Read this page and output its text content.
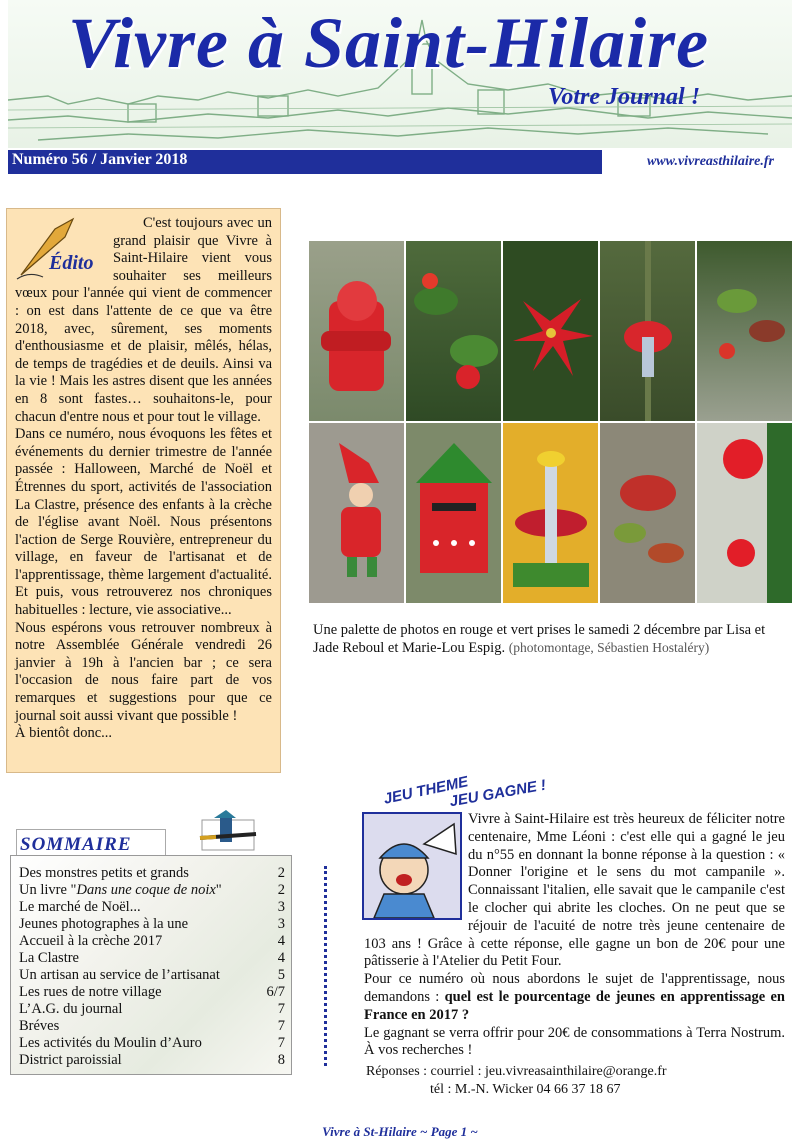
Vivre à Saint-Hilaire
Votre Journal !
Numéro 56 / Janvier 2018	www.vivreasthilaire.fr
Édito

C'est toujours avec un grand plaisir que Vivre à Saint-Hilaire vient vous souhaiter ses meilleurs vœux pour l'année qui vient de commencer : on est dans l'attente de ce que va être 2018, avec, sûrement, ses moments d'enthousiasme et de plaisir, mêlés, hélas, de temps de tragédies et de deuils. Ainsi va la vie ! Mais les astres disent que les années en 8 sont fastes… souhaitons-le, pour chacun d'entre nous et pour tout le village.

Dans ce numéro, nous évoquons les fêtes et événements du dernier trimestre de l'année passée : Halloween, Marché de Noël et Étrennes du sport, activités de l'association La Clastre, présence des enfants à la crèche de l'église avant Noël. Nous présentons l'action de Serge Rouvière, entrepreneur du village, en faveur de l'artisanat et de l'apprentissage, thème largement d'actualité. Et puis, vous retrouverez nos chroniques habituelles : lecture, vie associative...

Nous espérons vous retrouver nombreux à notre Assemblée Générale vendredi 26 janvier à 19h à l'ancien bar ; ce sera l'occasion de nous faire part de vos remarques et suggestions pour que ce journal soit aussi vivant que possible !

À bientôt donc...

Une palette de photos en rouge et vert prises le samedi 2 décembre par Lisa et Jade Reboul et Marie-Lou Espig. (photomontage, Sébastien Hostaléry)
SOMMAIRE
Des monstres petits et grands	2
Un livre "Dans une coque de noix"	2
Le marché de Noël...	3
Jeunes photographes à la une	3
Accueil à la crèche 2017	4
La Clastre	4
Un artisan au service de l’artisanat	5
Les rues de notre village	6/7
L’A.G. du journal	7
Bréves	7
Les activités du Moulin d’Auro	7
District paroissial	8
JEU THEME
JEU GAGNE !

Vivre à Saint-Hilaire est très heureux de féliciter notre centenaire, Mme Léoni : c'est elle qui a gagné le jeu du n°55 en donnant la bonne réponse à la question : « Donner l'origine et le sens du mot campanile ». Connaissant l'italien, elle savait que le campanile c'est le clocher qui abrite les cloches. On ne peut que se réjouir de l'acuité de notre très jeune centenaire de 103 ans ! Grâce à cette réponse, elle gagne un bon de 20€ pour une pâtisserie à l'Atelier du Petit Four.

Pour ce numéro où nous abordons le sujet de l'apprentissage, nous demandons : quel est le pourcentage de jeunes en apprentissage en France en 2017 ?

Le gagnant se verra offrir pour 20€ de consommations à Terra Nostrum. À vos recherches !

Réponses : courriel : jeu.vivreasainthilaire@orange.fr
tél : M.-N. Wicker 04 66 37 18 67
Vivre à St-Hilaire ~ Page 1 ~
